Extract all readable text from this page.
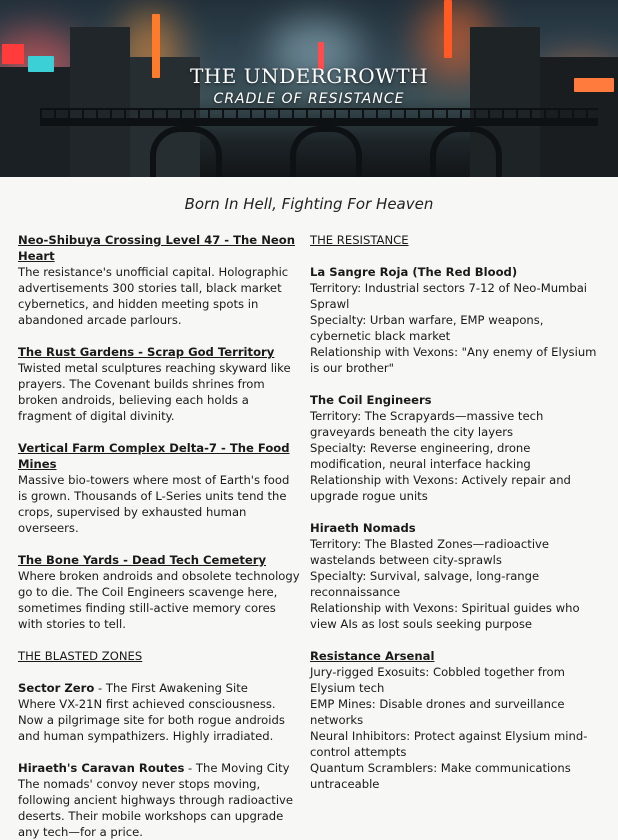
THE UNDERGROWTH
CRADLE OF RESISTANCE
Born In Hell, Fighting For Heaven

Neo-Shibuya Crossing Level 47 - The Neon Heart

The resistance's unofficial capital. Holographic advertisements 300 stories tall, black market cybernetics, and hidden meeting spots in abandoned arcade parlours.

The Rust Gardens - Scrap God Territory

Twisted metal sculptures reaching skyward like prayers. The Covenant builds shrines from broken androids, believing each holds a fragment of digital divinity.

Vertical Farm Complex Delta-7 - The Food Mines

Massive bio-towers where most of Earth's food is grown. Thousands of L-Series units tend the crops, supervised by exhausted human overseers.

The Bone Yards - Dead Tech Cemetery

Where broken androids and obsolete technology go to die. The Coil Engineers scavenge here, sometimes finding still-active memory cores with stories to tell.

THE BLASTED ZONES

Sector Zero - The First Awakening Site

Where VX-21N first achieved consciousness. Now a pilgrimage site for both rogue androids and human sympathizers. Highly irradiated.

Hiraeth's Caravan Routes - The Moving City

The nomads' convoy never stops moving, following ancient highways through radioactive deserts. Their mobile workshops can upgrade any tech—for a price.

THE RESISTANCE

La Sangre Roja (The Red Blood)

Territory: Industrial sectors 7-12 of Neo-Mumbai Sprawl

Specialty: Urban warfare, EMP weapons, cybernetic black market

Relationship with Vexons: "Any enemy of Elysium is our brother"

The Coil Engineers

Territory: The Scrapyards—massive tech graveyards beneath the city layers

Specialty: Reverse engineering, drone modification, neural interface hacking

Relationship with Vexons: Actively repair and upgrade rogue units

Hiraeth Nomads

Territory: The Blasted Zones—radioactive wastelands between city-sprawls

Specialty: Survival, salvage, long-range reconnaissance

Relationship with Vexons: Spiritual guides who view AIs as lost souls seeking purpose

Resistance Arsenal

Jury-rigged Exosuits: Cobbled together from Elysium tech

EMP Mines: Disable drones and surveillance networks

Neural Inhibitors: Protect against Elysium mind-control attempts

Quantum Scramblers: Make communications untraceable
